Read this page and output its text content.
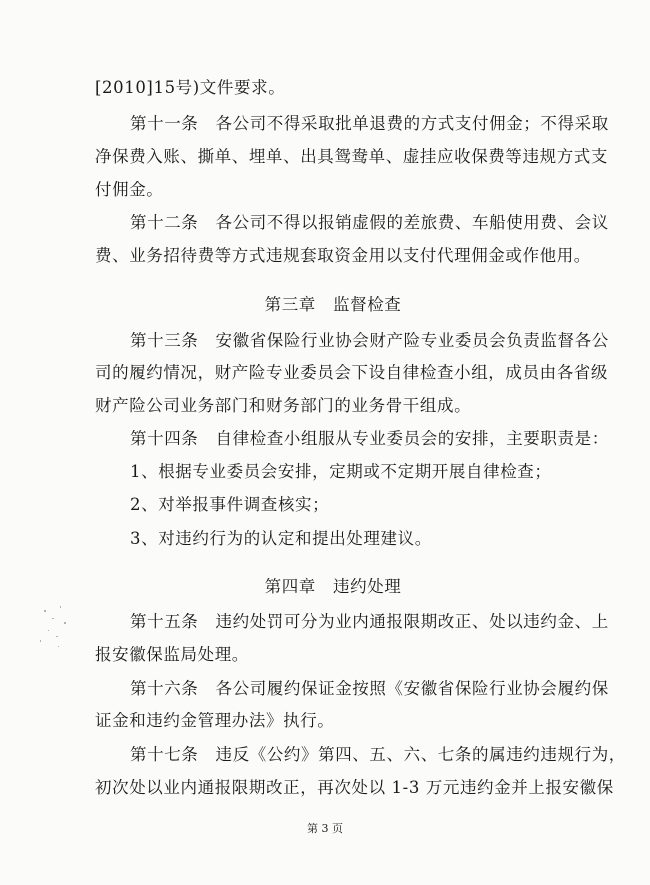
[2010]15号)文件要求。
第十一条　各公司不得采取批单退费的方式支付佣金；不得采取
净保费入账、撕单、埋单、出具鸳鸯单、虚挂应收保费等违规方式支
付佣金。
第十二条　各公司不得以报销虚假的差旅费、车船使用费、会议
费、业务招待费等方式违规套取资金用以支付代理佣金或作他用。
第三章　监督检查
第十三条　安徽省保险行业协会财产险专业委员会负责监督各公
司的履约情况，财产险专业委员会下设自律检查小组，成员由各省级
财产险公司业务部门和财务部门的业务骨干组成。
第十四条　自律检查小组服从专业委员会的安排，主要职责是：
1、根据专业委员会安排，定期或不定期开展自律检查；
2、对举报事件调查核实；
3、对违约行为的认定和提出处理建议。
第四章　违约处理
第十五条　违约处罚可分为业内通报限期改正、处以违约金、上
报安徽保监局处理。
第十六条　各公司履约保证金按照《安徽省保险行业协会履约保
证金和违约金管理办法》执行。
第十七条　违反《公约》第四、五、六、七条的属违约违规行为，
初次处以业内通报限期改正，再次处以 1-3 万元违约金并上报安徽保
第 3 页
